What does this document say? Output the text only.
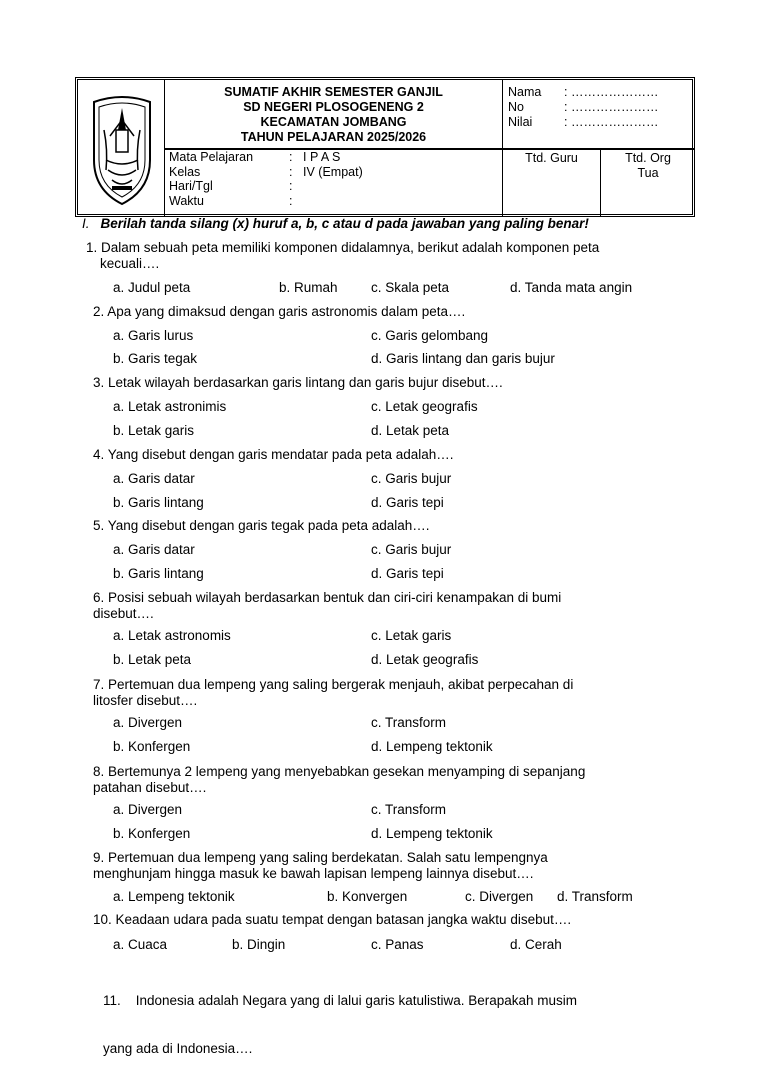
SUMATIF AKHIR SEMESTER GANJIL
SD NEGERI PLOSOGENENG 2
KECAMATAN JOMBANG
TAHUN PELAJARAN 2025/2026
Nama	: …………………
No	: …………………
Nilai	: …………………
Mata Pelajaran	: I P A S
Kelas	: IV (Empat)
Hari/Tgl	:
Waktu	:
Ttd. Guru	Ttd. Org
Tua
I. Berilah tanda silang (x) huruf a, b, c atau d pada jawaban yang paling benar!
1. Dalam sebuah peta memiliki komponen didalamnya, berikut adalah komponen peta
kecuali….
a. Judul peta	b. Rumah c. Skala peta	d. Tanda mata angin
2. Apa yang dimaksud dengan garis astronomis dalam peta….
a. Garis lurus	c. Garis gelombang
b. Garis tegak	d. Garis lintang dan garis bujur
3. Letak wilayah berdasarkan garis lintang dan garis bujur disebut….
a. Letak astronimis	c. Letak geografis
b. Letak garis	d. Letak peta
4. Yang disebut dengan garis mendatar pada peta adalah….
a. Garis datar	c. Garis bujur
b. Garis lintang	d. Garis tepi
5. Yang disebut dengan garis tegak pada peta adalah….
a. Garis datar	c. Garis bujur
b. Garis lintang	d. Garis tepi
6. Posisi sebuah wilayah berdasarkan bentuk dan ciri-ciri kenampakan di bumi
disebut….
a. Letak astronomis	c. Letak garis
b. Letak peta	d. Letak geografis
7. Pertemuan dua lempeng yang saling bergerak menjauh, akibat perpecahan di
litosfer disebut….
a. Divergen	c. Transform
b. Konfergen	d. Lempeng tektonik
8. Bertemunya 2 lempeng yang menyebabkan gesekan menyamping di sepanjang
patahan disebut….
a. Divergen	c. Transform
b. Konfergen	d. Lempeng tektonik
9. Pertemuan dua lempeng yang saling berdekatan. Salah satu lempengnya
menghunjam hingga masuk ke bawah lapisan lempeng lainnya disebut….
a. Lempeng tektonik	b. Konvergen	c. Divergen d. Transform
10. Keadaan udara pada suatu tempat dengan batasan jangka waktu disebut….
a. Cuaca	b. Dingin	c. Panas	d. Cerah

11.    Indonesia adalah Negara yang di lalui garis katulistiwa. Berapakah musim

yang ada di Indonesia….
